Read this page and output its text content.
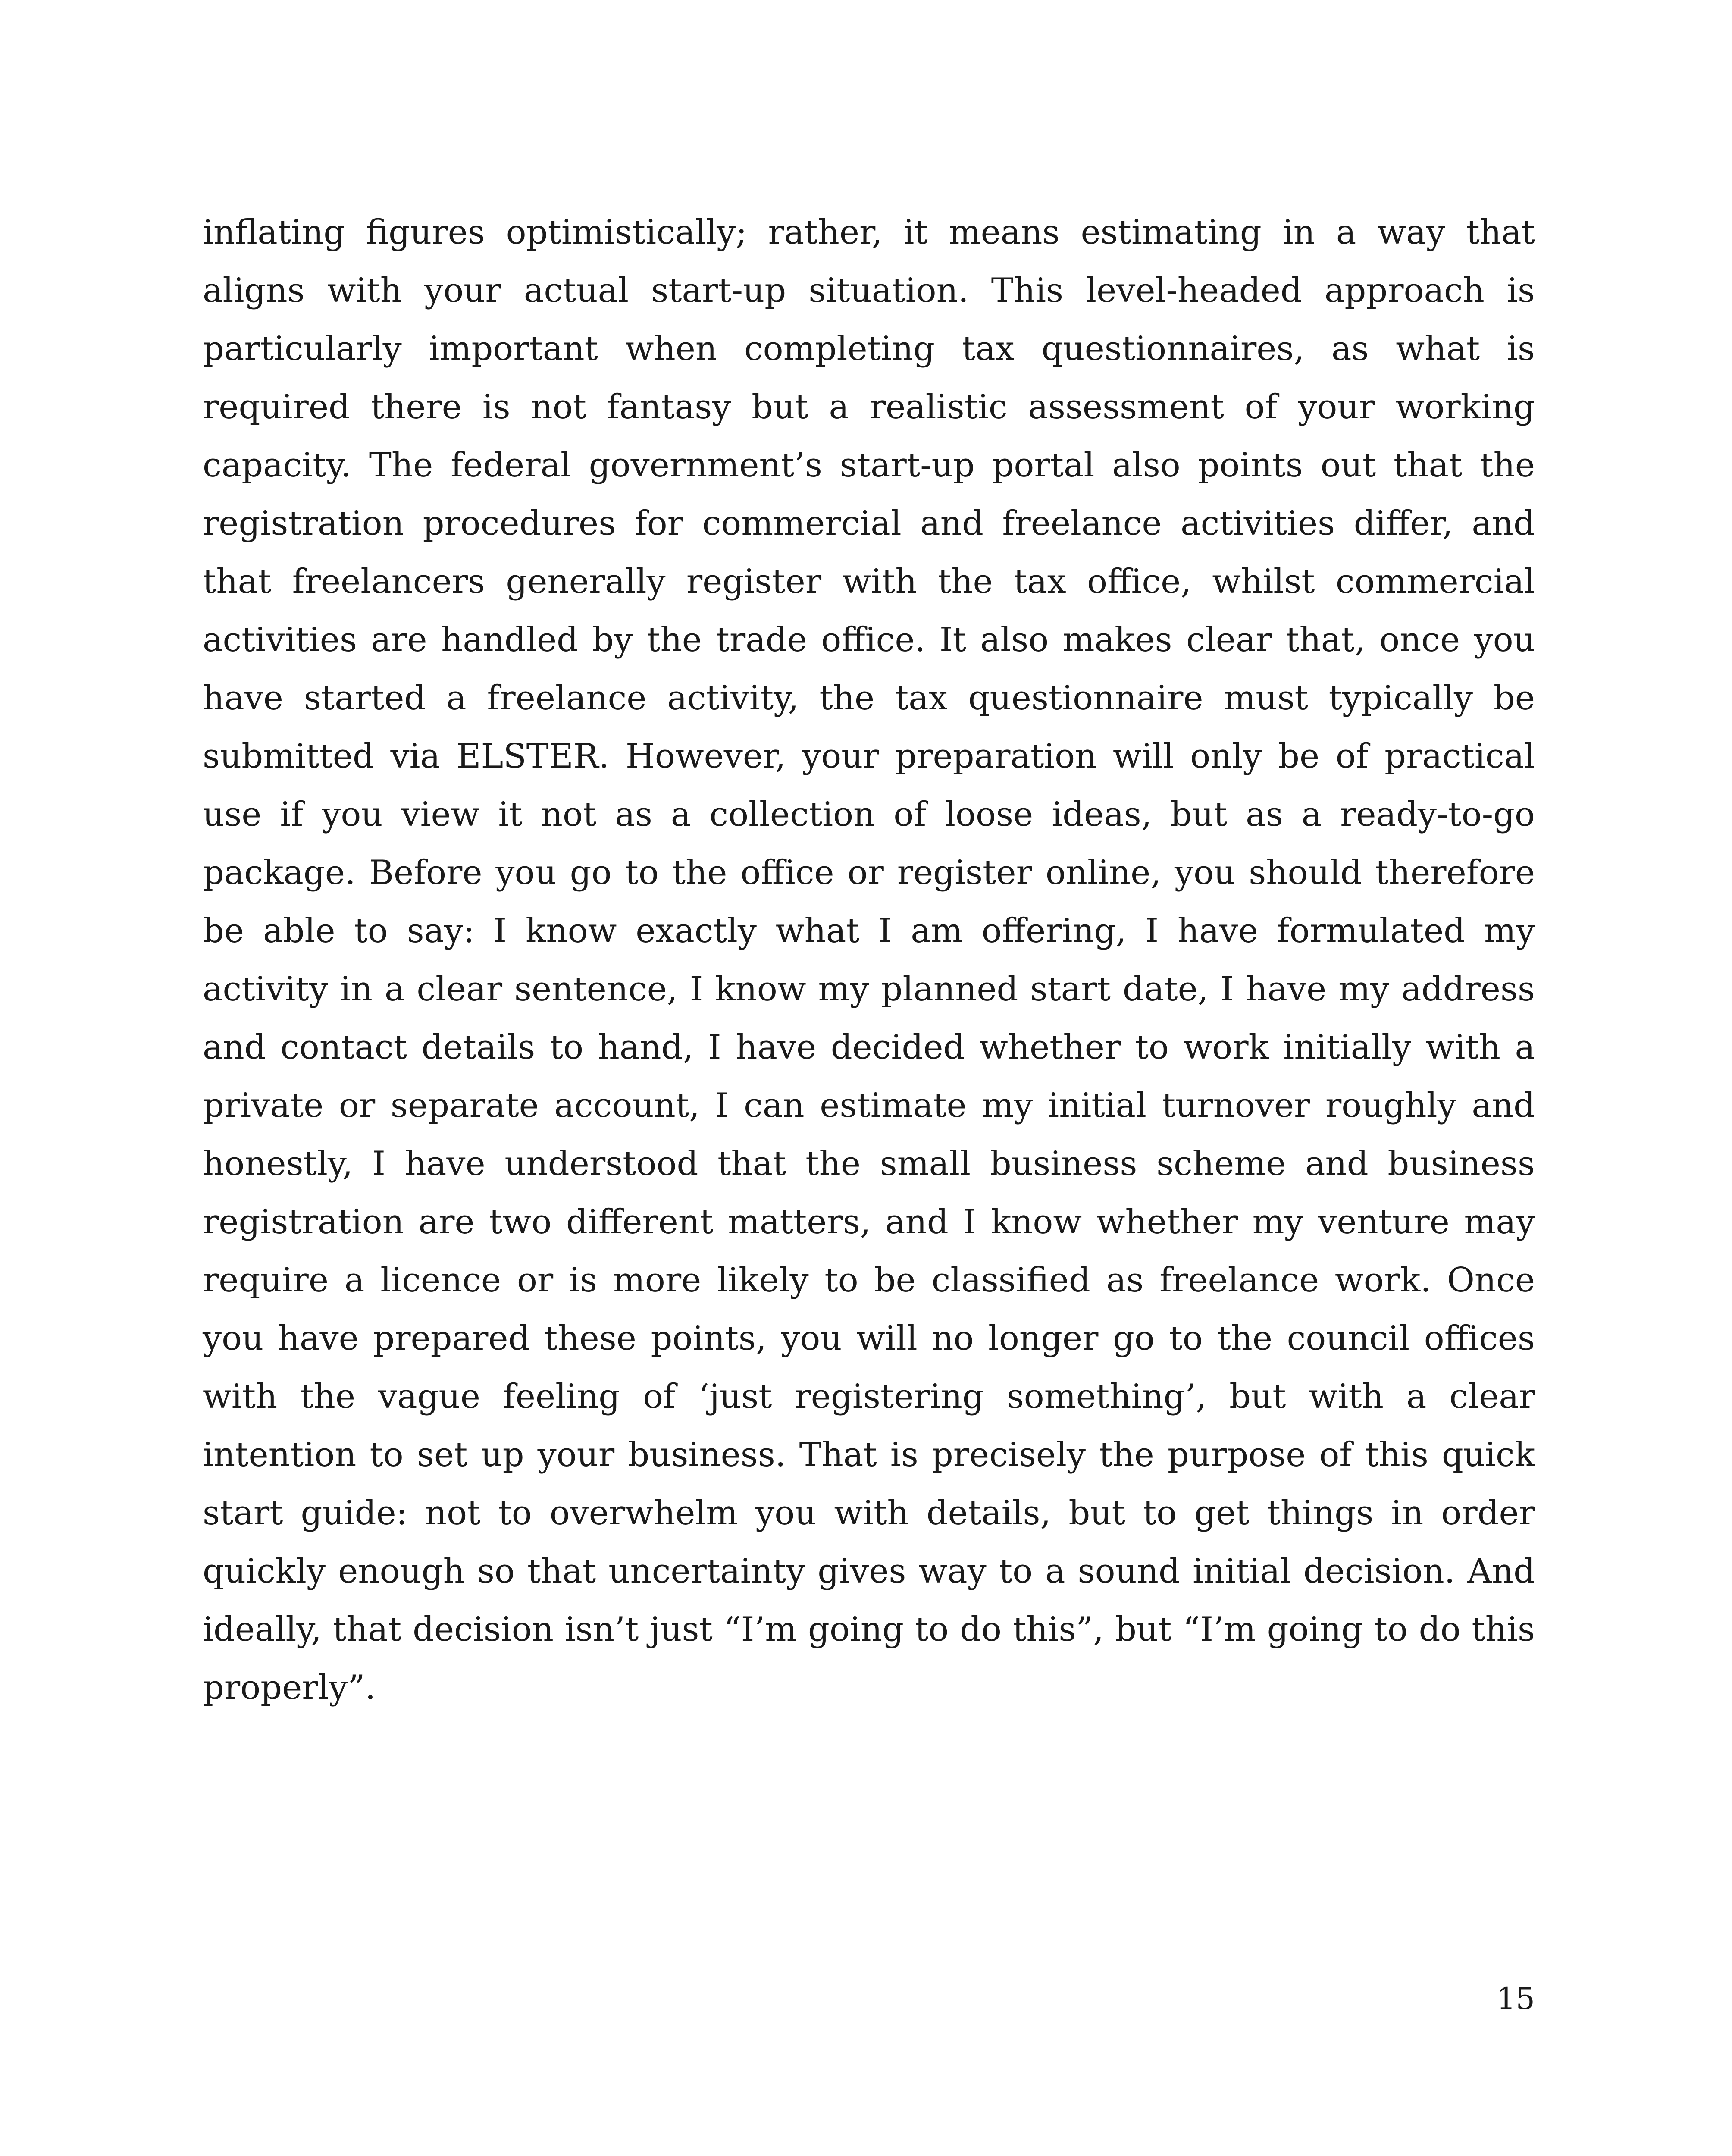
inflating figures optimistically; rather, it means estimating in a way that aligns with your actual start-up situation. This level-headed approach is particularly important when completing tax questionnaires, as what is required there is not fantasy but a realistic assessment of your working capacity. The federal government’s start-up portal also points out that the registration procedures for commercial and freelance activities differ, and that freelancers generally register with the tax office, whilst commercial activities are handled by the trade office. It also makes clear that, once you have started a freelance activity, the tax questionnaire must typically be submitted via ELSTER. However, your preparation will only be of practical use if you view it not as a collection of loose ideas, but as a ready-to-go package. Before you go to the office or register online, you should therefore be able to say: I know exactly what I am offering, I have formulated my activity in a clear sentence, I know my planned start date, I have my address and contact details to hand, I have decided whether to work initially with a private or separate account, I can estimate my initial turnover roughly and honestly, I have understood that the small business scheme and business registration are two different matters, and I know whether my venture may require a licence or is more likely to be classified as freelance work. Once you have prepared these points, you will no longer go to the council offices with the vague feeling of ‘just registering something’, but with a clear intention to set up your business. That is precisely the purpose of this quick start guide: not to overwhelm you with details, but to get things in order quickly enough so that uncertainty gives way to a sound initial decision. And ideally, that decision isn’t just “I’m going to do this”, but “I’m going to do this properly”.

15
